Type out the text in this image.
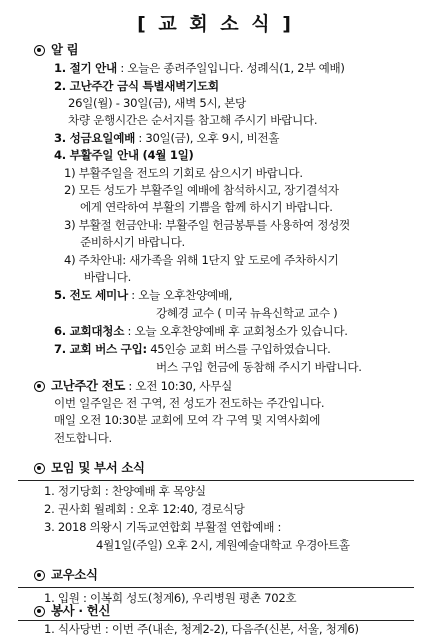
[ 교 회 소 식 ]
알 림
1. 절기 안내 : 오늘은 종려주일입니다. 성례식(1, 2부 예배)
2. 고난주간 금식 특별새벽기도회
26일(월) - 30일(금), 새벽 5시, 본당
차량 운행시간은 순서지를 참고해 주시기 바랍니다.
3. 성금요일예배 : 30일(금), 오후 9시, 비전홀
4. 부활주일 안내 (4월 1일)
1) 부활주일을 전도의 기회로 삼으시기 바랍니다.
2) 모든 성도가 부활주일 예배에 참석하시고, 장기결석자
에게 연락하여 부활의 기쁨을 함께 하시기 바랍니다.
3) 부활절 헌금안내: 부활주일 헌금봉투를 사용하여 정성껏
준비하시기 바랍니다.
4) 주차안내: 새가족을 위해 1단지 앞 도로에 주차하시기
바랍니다.
5. 전도 세미나 : 오늘 오후찬양예배,
강혜경 교수 ( 미국 뉴욕신학교 교수 )
6. 교회대청소 : 오늘 오후찬양예배 후 교회청소가 있습니다.
7. 교회 버스 구입: 45인승 교회 버스를 구입하였습니다.
버스 구입 헌금에 동참해 주시기 바랍니다.
고난주간 전도 : 오전 10:30, 사무실
이번 일주일은 전 구역, 전 성도가 전도하는 주간입니다.
매일 오전 10:30분 교회에 모여 각 구역 및 지역사회에
전도합니다.
모임 및 부서 소식
1. 정기당회 : 찬양예배 후 목양실
2. 권사회 월례회 : 오후 12:40, 경로식당
3. 2018 의왕시 기독교연합회 부활절 연합예배 :
4월1일(주일) 오후 2시, 계원예술대학교 우경아트홀
교우소식
1. 입원 : 이복희 성도(청계6), 우리병원 평촌 702호
봉사 · 헌신
1. 식사당번 : 이번 주(내손, 청계2-2), 다음주(신본, 서울, 청계6)
